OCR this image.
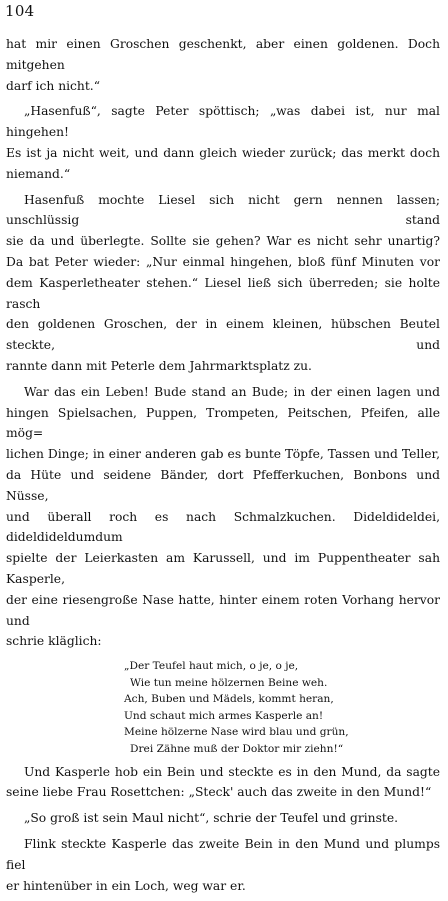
104
hat mir einen Groschen geschenkt, aber einen goldenen. Doch mitgehen
darf ich nicht.“
„Hasenfuß“, sagte Peter spöttisch; „was dabei ist, nur mal hingehen!
Es ist ja nicht weit, und dann gleich wieder zurück; das merkt doch
niemand.“
Hasenfuß mochte Liesel sich nicht gern nennen lassen; unschlüssig stand
sie da und überlegte. Sollte sie gehen? War es nicht sehr unartig?
Da bat Peter wieder: „Nur einmal hingehen, bloß fünf Minuten vor
dem Kasperletheater stehen.“ Liesel ließ sich überreden; sie holte rasch
den goldenen Groschen, der in einem kleinen, hübschen Beutel steckte, und
rannte dann mit Peterle dem Jahrmarktsplatz zu.
War das ein Leben! Bude stand an Bude; in der einen lagen und
hingen Spielsachen, Puppen, Trompeten, Peitschen, Pfeifen, alle mög=
lichen Dinge; in einer anderen gab es bunte Töpfe, Tassen und Teller,
da Hüte und seidene Bänder, dort Pfefferkuchen, Bonbons und Nüsse,
und überall roch es nach Schmalzkuchen. Dideldideldei, dideldideldumdum
spielte der Leierkasten am Karussell, und im Puppentheater sah Kasperle,
der eine riesengroße Nase hatte, hinter einem roten Vorhang hervor und
schrie kläglich:
„Der Teufel haut mich, o je, o je,
Wie tun meine hölzernen Beine weh.
Ach, Buben und Mädels, kommt heran,
Und schaut mich armes Kasperle an!
Meine hölzerne Nase wird blau und grün,
Drei Zähne muß der Doktor mir ziehn!“
Und Kasperle hob ein Bein und steckte es in den Mund, da sagte
seine liebe Frau Rosettchen: „Steck' auch das zweite in den Mund!“
„So groß ist sein Maul nicht“, schrie der Teufel und grinste.
Flink steckte Kasperle das zweite Bein in den Mund und plumps fiel
er hintenüber in ein Loch, weg war er.
